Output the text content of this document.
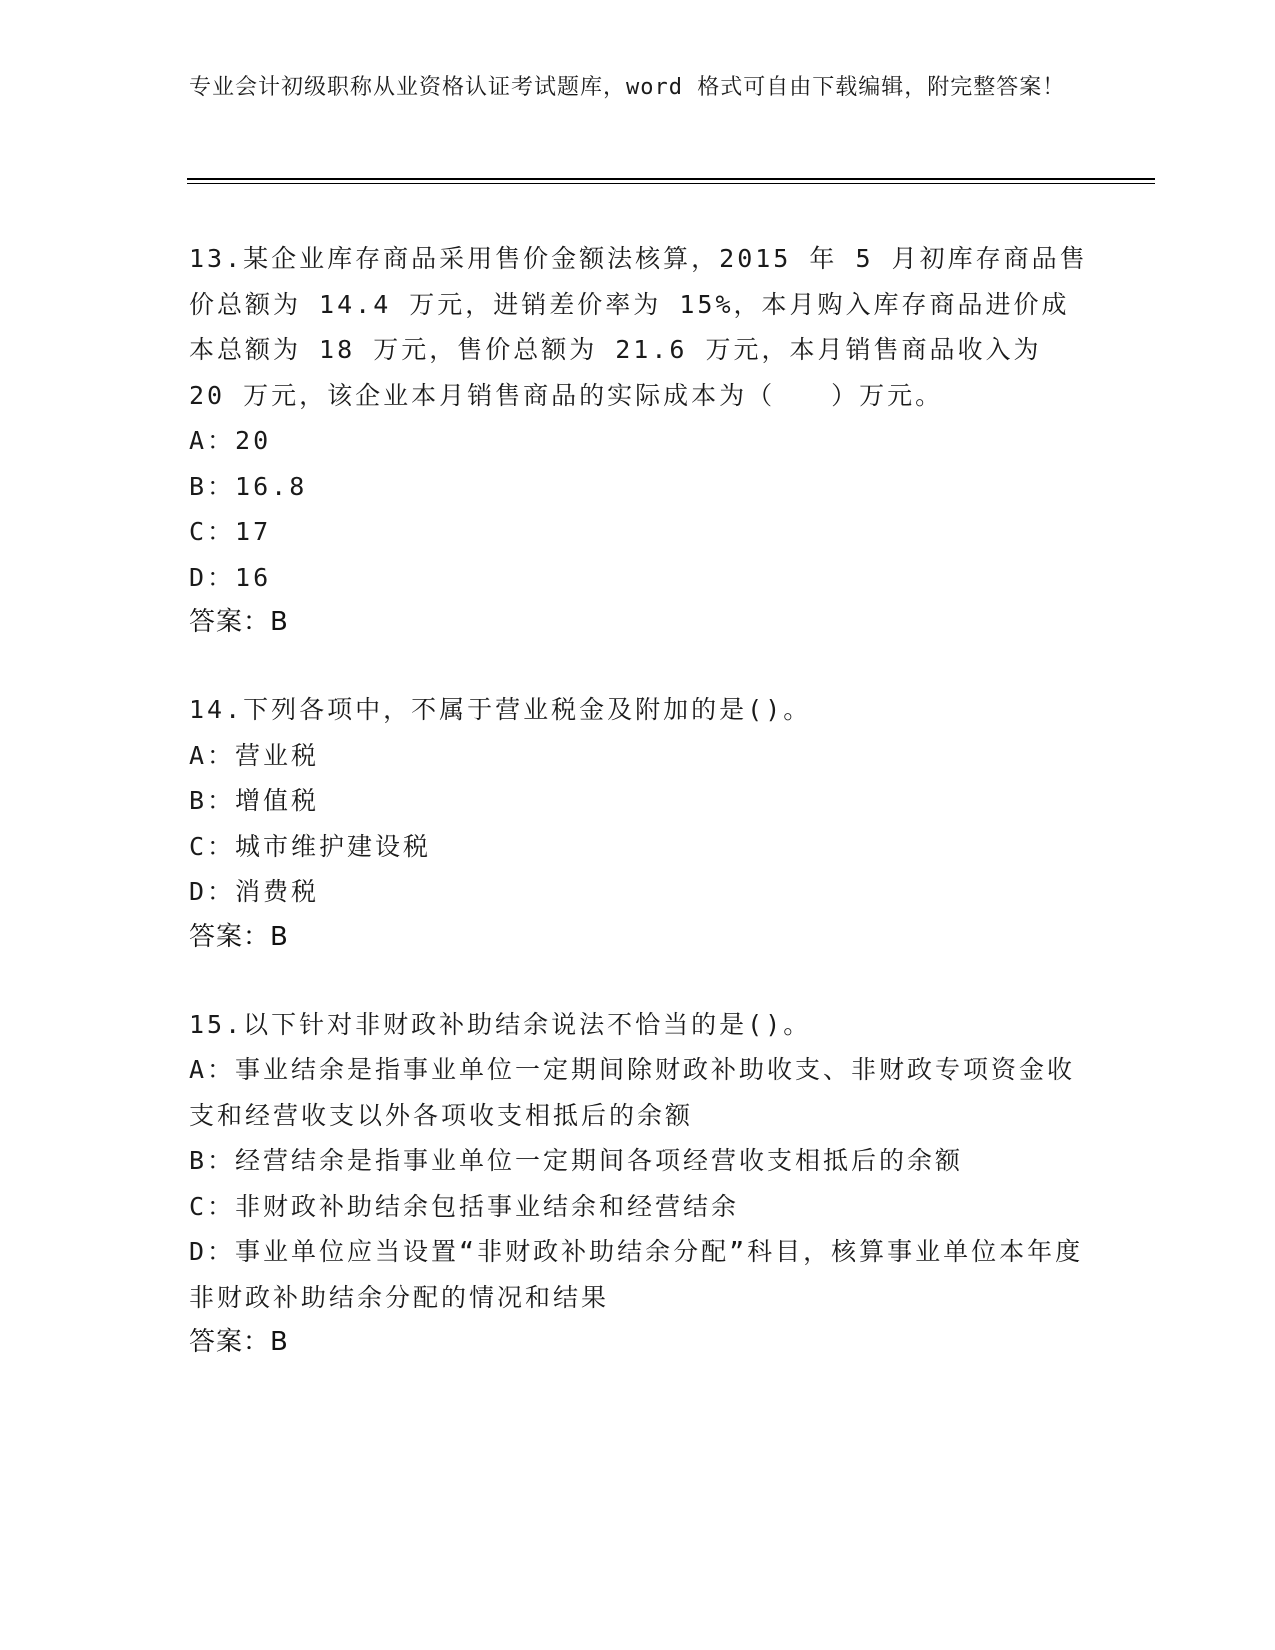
专业会计初级职称从业资格认证考试题库，word 格式可自由下载编辑，附完整答案！
13.某企业库存商品采用售价金额法核算，2015 年 5 月初库存商品售价总额为 14.4 万元，进销差价率为 15%，本月购入库存商品进价成本总额为 18 万元，售价总额为 21.6 万元，本月销售商品收入为 20 万元，该企业本月销售商品的实际成本为（　　）万元。
A：20
B：16.8
C：17
D：16
答案：B
14.下列各项中，不属于营业税金及附加的是()。
A：营业税
B：增值税
C：城市维护建设税
D：消费税
答案：B
15.以下针对非财政补助结余说法不恰当的是()。
A：事业结余是指事业单位一定期间除财政补助收支、非财政专项资金收支和经营收支以外各项收支相抵后的余额
B：经营结余是指事业单位一定期间各项经营收支相抵后的余额
C：非财政补助结余包括事业结余和经营结余
D：事业单位应当设置“非财政补助结余分配”科目，核算事业单位本年度非财政补助结余分配的情况和结果
答案：B
